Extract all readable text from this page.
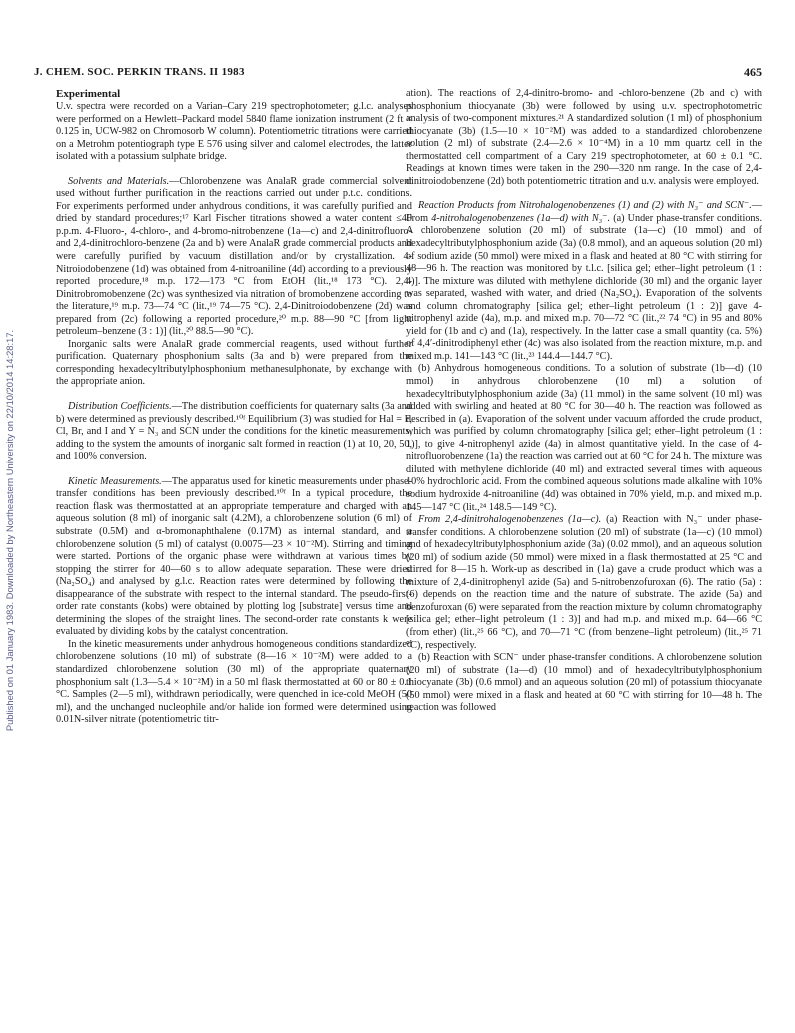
Published on 01 January 1983. Downloaded by Northeastern University on 22/10/2014 14:28:17.
J. CHEM. SOC. PERKIN TRANS. II 1983	465
Experimental

U.v. spectra were recorded on a Varian–Cary 219 spectrophotometer; g.l.c. analyses were performed on a Hewlett–Packard model 5840 flame ionization instrument (2 ft × 0.125 in, UCW-982 on Chromosorb W column). Potentiometric titrations were carried on a Metrohm potentiograph type E 576 using silver and calomel electrodes, the latter isolated with a potassium sulphate bridge.

Solvents and Materials.—Chlorobenzene was AnalaR grade commercial solvent used without further purification in the reactions carried out under p.t.c. conditions. For experiments performed under anhydrous conditions, it was carefully purified and dried by standard procedures;¹⁷ Karl Fischer titrations showed a water content ≤40 p.p.m. 4-Fluoro-, 4-chloro-, and 4-bromo-nitrobenzene (1a—c) and 2,4-dinitrofluoro- and 2,4-dinitrochloro-benzene (2a and b) were AnalaR grade commercial products and were carefully purified by vacuum distillation and/or by crystallization. 4-Nitroiodobenzene (1d) was obtained from 4-nitroaniline (4d) according to a previously reported procedure,¹⁸ m.p. 172—173 °C from EtOH (lit.,¹⁸ 173 °C). 2,4-Dinitrobromobenzene (2c) was synthesized via nitration of bromobenzene according to the literature,¹⁹ m.p. 73—74 °C (lit.,¹⁹ 74—75 °C). 2,4-Dinitroiodobenzene (2d) was prepared from (2c) following a reported procedure,²⁰ m.p. 88—90 °C [from light petroleum–benzene (3 : 1)] (lit.,²⁰ 88.5—90 °C).

Inorganic salts were AnalaR grade commercial reagents, used without further purification. Quaternary phosphonium salts (3a and b) were prepared from the corresponding hexadecyltributylphosphonium methanesulphonate, by exchange with the appropriate anion.

Distribution Coefficients.—The distribution coefficients for quaternary salts (3a and b) were determined as previously described.¹⁰ᶠ Equilibrium (3) was studied for Hal = F, Cl, Br, and I and Y = N₃ and SCN under the conditions for the kinetic measurements, adding to the system the amounts of inorganic salt formed in reaction (1) at 10, 20, 50, and 100% conversion.

Kinetic Measurements.—The apparatus used for kinetic measurements under phase-transfer conditions has been previously described.¹⁰ᶠ In a typical procedure, the reaction flask was thermostatted at an appropriate temperature and charged with an aqueous solution (8 ml) of inorganic salt (4.2M), a chlorobenzene solution (6 ml) of substrate (0.5M) and α-bromonaphthalene (0.17M) as internal standard, and a chlorobenzene solution (5 ml) of catalyst (0.0075—23 × 10⁻²M). Stirring and timing were started. Portions of the organic phase were withdrawn at various times by stopping the stirrer for 40—60 s to allow adequate separation. These were dried (Na₂SO₄) and analysed by g.l.c. Reaction rates were determined by following the disappearance of the substrate with respect to the internal standard. The pseudo-first-order rate constants (kobs) were obtained by plotting log [substrate] versus time and determining the slopes of the straight lines. The second-order rate constants k were evaluated by dividing kobs by the catalyst concentration.

In the kinetic measurements under anhydrous homogeneous conditions standardized chlorobenzene solutions (10 ml) of substrate (8—16 × 10⁻²M) were added to a standardized chlorobenzene solution (30 ml) of the appropriate quaternary phosphonium salt (1.3—5.4 × 10⁻²M) in a 50 ml flask thermostatted at 60 or 80 ± 0.1 °C. Samples (2—5 ml), withdrawn periodically, were quenched in ice-cold MeOH (50 ml), and the unchanged nucleophile and/or halide ion formed were determined using 0.01N-silver nitrate (potentiometric titr-

ation). The reactions of 2,4-dinitro-bromo- and -chloro-benzene (2b and c) with phosphonium thiocyanate (3b) were followed by using u.v. spectrophotometric analysis of two-component mixtures.²¹ A standardized solution (1 ml) of phosphonium thiocyanate (3b) (1.5—10 × 10⁻²M) was added to a standardized chlorobenzene solution (2 ml) of substrate (2.4—2.6 × 10⁻⁴M) in a 10 mm quartz cell in the thermostatted cell compartment of a Cary 219 spectrophotometer, at 60 ± 0.1 °C. Readings at known times were taken in the 290—320 nm range. In the case of 2,4-dinitroiodobenzene (2d) both potentiometric titration and u.v. analysis were employed.

Reaction Products from Nitrohalogenobenzenes (1) and (2) with N₃⁻ and SCN⁻.—From 4-nitrohalogenobenzenes (1a—d) with N₃⁻. (a) Under phase-transfer conditions. A chlorobenzene solution (20 ml) of substrate (1a—c) (10 mmol) and of hexadecyltributylphosphonium azide (3a) (0.8 mmol), and an aqueous solution (20 ml) of sodium azide (50 mmol) were mixed in a flask and heated at 80 °C with stirring for 48—96 h. The reaction was monitored by t.l.c. [silica gel; ether–light petroleum (1 : 4)]. The mixture was diluted with methylene dichloride (30 ml) and the organic layer was separated, washed with water, and dried (Na₂SO₄). Evaporation of the solvents and column chromatography [silica gel; ether–light petroleum (1 : 2)] gave 4-nitrophenyl azide (4a), m.p. and mixed m.p. 70—72 °C (lit.,²² 74 °C) in 95 and 80% yield for (1b and c) and (1a), respectively. In the latter case a small quantity (ca. 5%) of 4,4′-dinitrodiphenyl ether (4c) was also isolated from the reaction mixture, m.p. and mixed m.p. 141—143 °C (lit.,²³ 144.4—144.7 °C).

(b) Anhydrous homogeneous conditions. To a solution of substrate (1b—d) (10 mmol) in anhydrous chlorobenzene (10 ml) a solution of hexadecyltributylphosphonium azide (3a) (11 mmol) in the same solvent (10 ml) was added with swirling and heated at 80 °C for 30—40 h. The reaction was followed as described in (a). Evaporation of the solvent under vacuum afforded the crude product, which was purified by column chromatography [silica gel; ether–light petroleum (1 : 1)], to give 4-nitrophenyl azide (4a) in almost quantitative yield. In the case of 4-nitrofluorobenzene (1a) the reaction was carried out at 60 °C for 24 h. The mixture was diluted with methylene dichloride (40 ml) and extracted several times with aqueous 10% hydrochloric acid. From the combined aqueous solutions made alkaline with 10% sodium hydroxide 4-nitroaniline (4d) was obtained in 70% yield, m.p. and mixed m.p. 145—147 °C (lit.,²⁴ 148.5—149 °C).

From 2,4-dinitrohalogenobenzenes (1a—c). (a) Reaction with N₃⁻ under phase-transfer conditions. A chlorobenzene solution (20 ml) of substrate (1a—c) (10 mmol) and of hexadecyltributylphosphonium azide (3a) (0.02 mmol), and an aqueous solution (20 ml) of sodium azide (50 mmol) were mixed in a flask thermostatted at 25 °C and stirred for 8—15 h. Work-up as described in (1a) gave a crude product which was a mixture of 2,4-dinitrophenyl azide (5a) and 5-nitrobenzofuroxan (6). The ratio (5a) : (6) depends on the reaction time and the nature of substrate. The azide (5a) and benzofuroxan (6) were separated from the reaction mixture by column chromatography [silica gel; ether–light petroleum (1 : 3)] and had m.p. and mixed m.p. 64—66 °C (from ether) (lit.,²⁵ 66 °C), and 70—71 °C (from benzene–light petroleum) (lit.,²⁵ 71 °C), respectively.

(b) Reaction with SCN⁻ under phase-transfer conditions. A chlorobenzene solution (20 ml) of substrate (1a—d) (10 mmol) and of hexadecyltributylphosphonium thiocyanate (3b) (0.6 mmol) and an aqueous solution (20 ml) of potassium thiocyanate (50 mmol) were mixed in a flask and heated at 60 °C with stirring for 10—48 h. The reaction was followed
